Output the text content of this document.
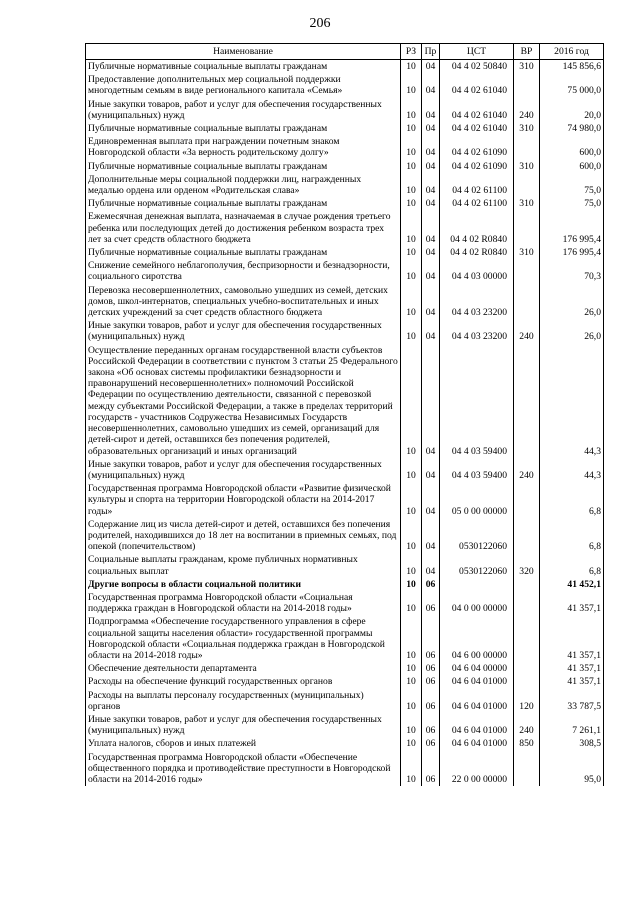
206
Наименование	РЗ	Пр	ЦСТ	ВР	2016 год
Публичные нормативные социальные выплаты гражданам	10	04	04 4 02 50840	310	145 856,6
Предоставление дополнительных мер социальной поддержки многодетным семьям в виде регионального капитала «Семья»	10	04	04 4 02 61040		75 000,0
Иные закупки товаров, работ и услуг для обеспечения государственных (муниципальных) нужд	10	04	04 4 02 61040	240	20,0
Публичные нормативные социальные выплаты гражданам	10	04	04 4 02 61040	310	74 980,0
Единовременная выплата при награждении почетным знаком Новгородской области «За верность родительскому долгу»	10	04	04 4 02 61090		600,0
Публичные нормативные социальные выплаты гражданам	10	04	04 4 02 61090	310	600,0
Дополнительные меры социальной поддержки лиц, награжденных медалью ордена или орденом «Родительская слава»	10	04	04 4 02 61100		75,0
Публичные нормативные социальные выплаты гражданам	10	04	04 4 02 61100	310	75,0
Ежемесячная денежная выплата, назначаемая в случае рождения третьего ребенка или последующих детей до достижения ребенком возраста трех лет за счет средств областного бюджета	10	04	04 4 02 R0840		176 995,4
Публичные нормативные социальные выплаты гражданам	10	04	04 4 02 R0840	310	176 995,4
Снижение семейного неблагополучия, беспризорности и безнадзорности, социального сиротства	10	04	04 4 03 00000		70,3
Перевозка несовершеннолетних, самовольно ушедших из семей, детских домов, школ-интернатов, специальных учебно-воспитательных и иных детских учреждений за счет средств областного бюджета	10	04	04 4 03 23200		26,0
Иные закупки товаров, работ и услуг для обеспечения государственных (муниципальных) нужд	10	04	04 4 03 23200	240	26,0
Осуществление переданных органам государственной власти субъектов Российской Федерации в соответствии с пунктом 3 статьи 25 Федерального закона «Об основах системы профилактики безнадзорности и правонарушений несовершеннолетних» полномочий Российской Федерации по осуществлению деятельности, связанной с перевозкой между субъектами Российской Федерации, а также в пределах территорий государств - участников Содружества Независимых Государств несовершеннолетних, самовольно ушедших из семей, организаций для детей-сирот и детей, оставшихся без попечения родителей, образовательных организаций и иных организаций	10	04	04 4 03 59400		44,3
Иные закупки товаров, работ и услуг для обеспечения государственных (муниципальных) нужд	10	04	04 4 03 59400	240	44,3
Государственная программа Новгородской области «Развитие физической культуры и спорта на территории Новгородской области на 2014-2017 годы»	10	04	05 0 00 00000		6,8
Содержание лиц из числа детей-сирот и детей, оставшихся без попечения родителей, находившихся до 18 лет на воспитании в приемных семьях, под опекой (попечительством)	10	04	0530122060		6,8
Социальные выплаты гражданам, кроме публичных нормативных социальных выплат	10	04	0530122060	320	6,8
Другие вопросы в области социальной политики	10	06			41 452,1
Государственная программа Новгородской области «Социальная поддержка граждан в Новгородской области на 2014-2018 годы»	10	06	04 0 00 00000		41 357,1
Подпрограмма «Обеспечение государственного управления в сфере социальной защиты населения области» государственной программы Новгородской области «Социальная поддержка граждан в Новгородской области на 2014-2018 годы»	10	06	04 6 00 00000		41 357,1
Обеспечение деятельности департамента	10	06	04 6 04 00000		41 357,1
Расходы на обеспечение функций государственных органов	10	06	04 6 04 01000		41 357,1
Расходы на выплаты персоналу государственных (муниципальных) органов	10	06	04 6 04 01000	120	33 787,5
Иные закупки товаров, работ и услуг для обеспечения государственных (муниципальных) нужд	10	06	04 6 04 01000	240	7 261,1
Уплата налогов, сборов и иных платежей	10	06	04 6 04 01000	850	308,5
Государственная программа Новгородской области «Обеспечение общественного порядка и противодействие преступности в Новгородской области на 2014-2016 годы»	10	06	22 0 00 00000		95,0
